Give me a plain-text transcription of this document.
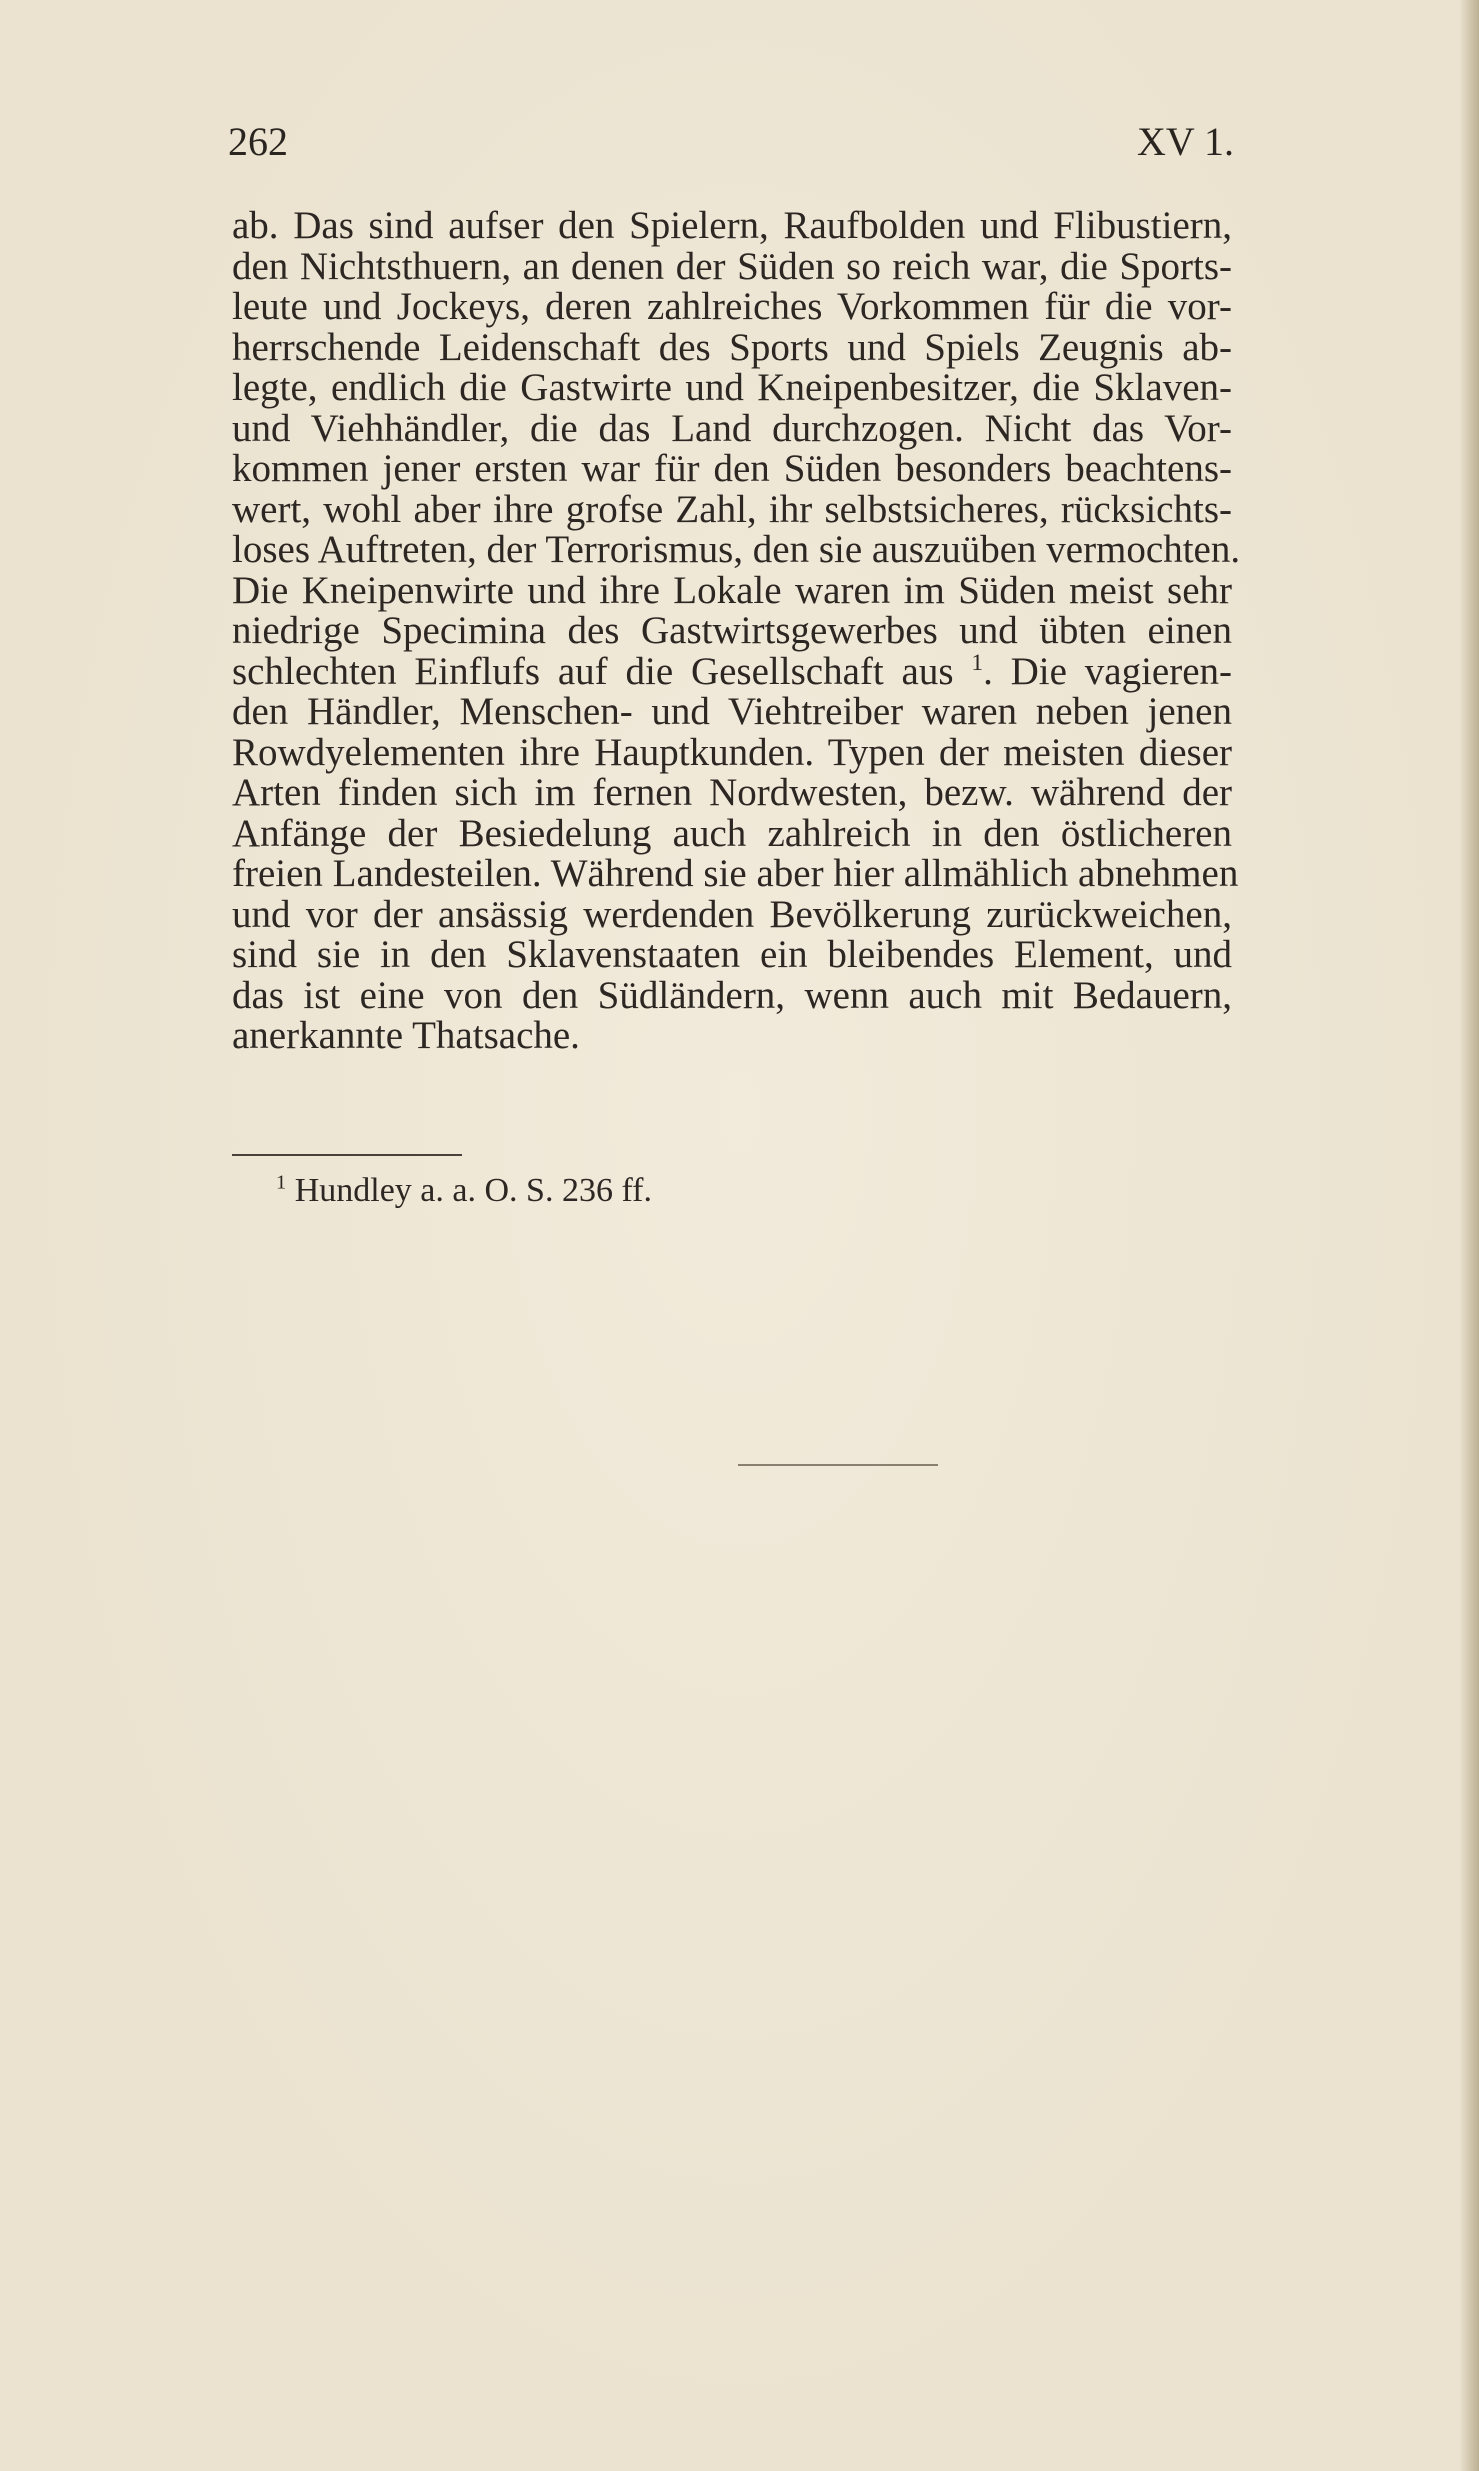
262	XV 1.
ab. Das sind aufser den Spielern, Raufbolden und Flibustiern,
den Nichtsthuern, an denen der Süden so reich war, die Sports-
leute und Jockeys, deren zahlreiches Vorkommen für die vor-
herrschende Leidenschaft des Sports und Spiels Zeugnis ab-
legte, endlich die Gastwirte und Kneipenbesitzer, die Sklaven-
und Viehhändler, die das Land durchzogen. Nicht das Vor-
kommen jener ersten war für den Süden besonders beachtens-
wert, wohl aber ihre grofse Zahl, ihr selbstsicheres, rücksichts-
loses Auftreten, der Terrorismus, den sie auszuüben vermochten.
Die Kneipenwirte und ihre Lokale waren im Süden meist sehr
niedrige Specimina des Gastwirtsgewerbes und übten einen
schlechten Einflufs auf die Gesellschaft aus $^1$. Die vagieren-
den Händler, Menschen- und Viehtreiber waren neben jenen
Rowdyelementen ihre Hauptkunden. Typen der meisten dieser
Arten finden sich im fernen Nordwesten, bezw. während der
Anfänge der Besiedelung auch zahlreich in den östlicheren
freien Landesteilen. Während sie aber hier allmählich abnehmen
und vor der ansässig werdenden Bevölkerung zurückweichen,
sind sie in den Sklavenstaaten ein bleibendes Element, und
das ist eine von den Südländern, wenn auch mit Bedauern,
anerkannte Thatsache.
$^1$ Hundley a. a. O. S. 236 ff.
